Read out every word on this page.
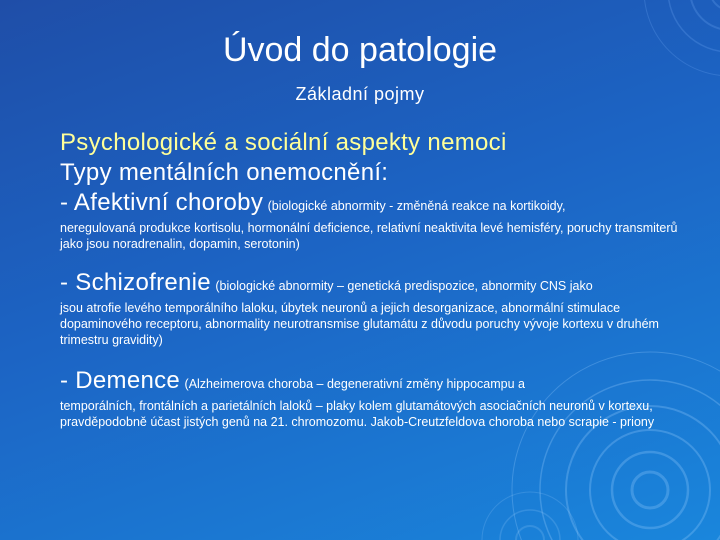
Úvod do patologie
Základní pojmy
Psychologické a sociální aspekty nemoci
Typy mentálních onemocnění:
- Afektivní choroby (biologické abnormity - změněná reakce na kortikoidy,
neregulovaná produkce kortisolu, hormonální deficience, relativní neaktivita levé hemisféry, poruchy transmiterů jako jsou noradrenalin, dopamin, serotonin)
- Schizofrenie (biologické abnormity – genetická predispozice, abnormity CNS jako
jsou atrofie levého temporálního laloku, úbytek neuronů a jejich desorganizace, abnormální stimulace dopaminového receptoru, abnormality neurotransmise glutamátu z důvodu poruchy vývoje kortexu v druhém trimestru gravidity)
- Demence (Alzheimerova choroba – degenerativní změny hippocampu a
temporálních, frontálních a parietálních laloků – plaky kolem glutamátových asociačních neuronů v kortexu, pravděpodobně účast jistých genů na 21. chromozomu. Jakob-Creutzfeldova choroba nebo scrapie - priony
